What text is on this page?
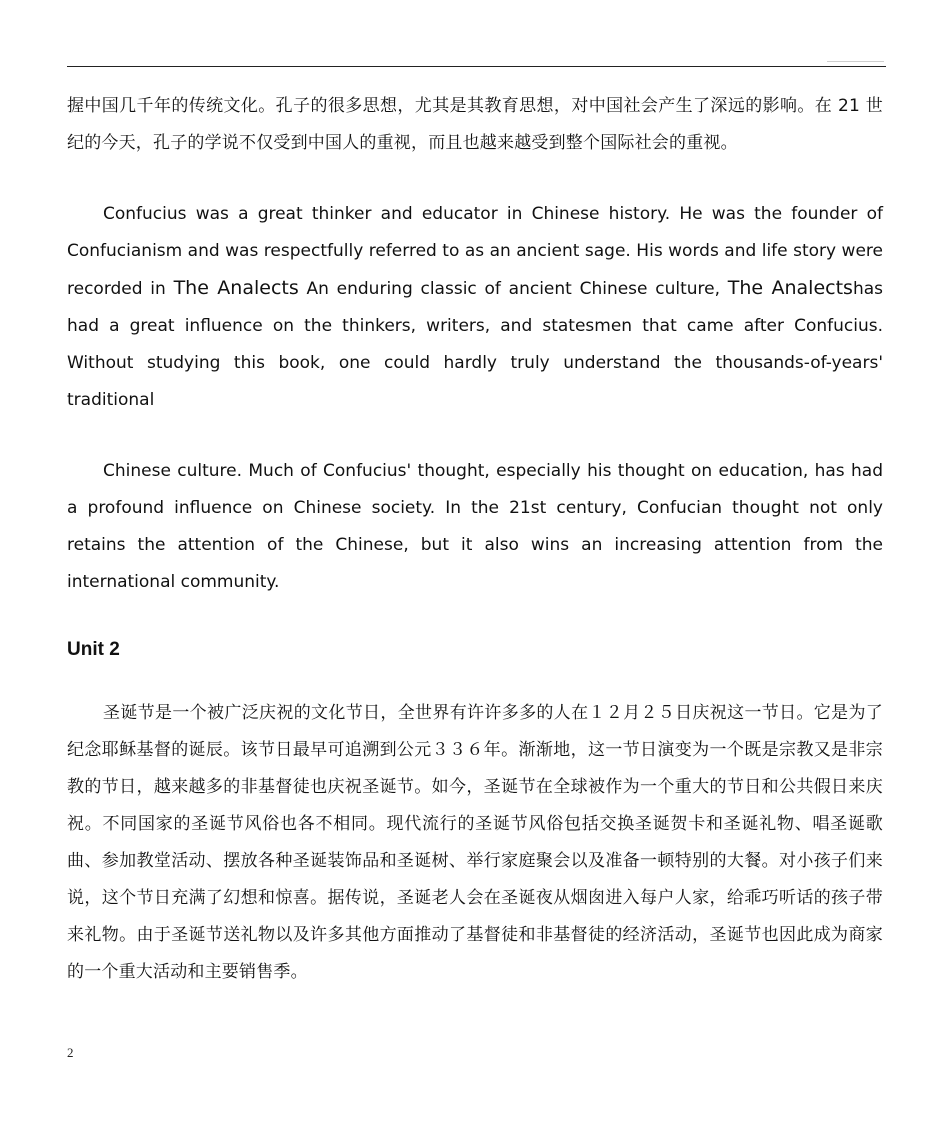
握中国几千年的传统文化。孔子的很多思想，尤其是其教育思想，对中国社会产生了深远的影响。在 21 世纪的今天，孔子的学说不仅受到中国人的重视，而且也越来越受到整个国际社会的重视。

Confucius was a great thinker and educator in Chinese history. He was the founder of Confucianism and was respectfully referred to as an ancient sage. His words and life story were recorded in The Analects An enduring classic of ancient Chinese culture, The Analectshas had a great influence on the thinkers, writers, and statesmen that came after Confucius. Without studying this book, one could hardly truly understand the thousands-of-years' traditional

Chinese culture. Much of Confucius' thought, especially his thought on education, has had a profound influence on Chinese society. In the 21st century, Confucian thought not only retains the attention of the Chinese, but it also wins an increasing attention from the international community.

Unit 2

圣诞节是一个被广泛庆祝的文化节日，全世界有许许多多的人在１２月２５日庆祝这一节日。它是为了纪念耶稣基督的诞辰。该节日最早可追溯到公元３３６年。渐渐地，这一节日演变为一个既是宗教又是非宗教的节日，越来越多的非基督徒也庆祝圣诞节。如今，圣诞节在全球被作为一个重大的节日和公共假日来庆祝。不同国家的圣诞节风俗也各不相同。现代流行的圣诞节风俗包括交换圣诞贺卡和圣诞礼物、唱圣诞歌曲、参加教堂活动、摆放各种圣诞装饰品和圣诞树、举行家庭聚会以及准备一顿特别的大餐。对小孩子们来说，这个节日充满了幻想和惊喜。据传说，圣诞老人会在圣诞夜从烟囱进入每户人家，给乖巧听话的孩子带来礼物。由于圣诞节送礼物以及许多其他方面推动了基督徒和非基督徒的经济活动，圣诞节也因此成为商家的一个重大活动和主要销售季。

2
